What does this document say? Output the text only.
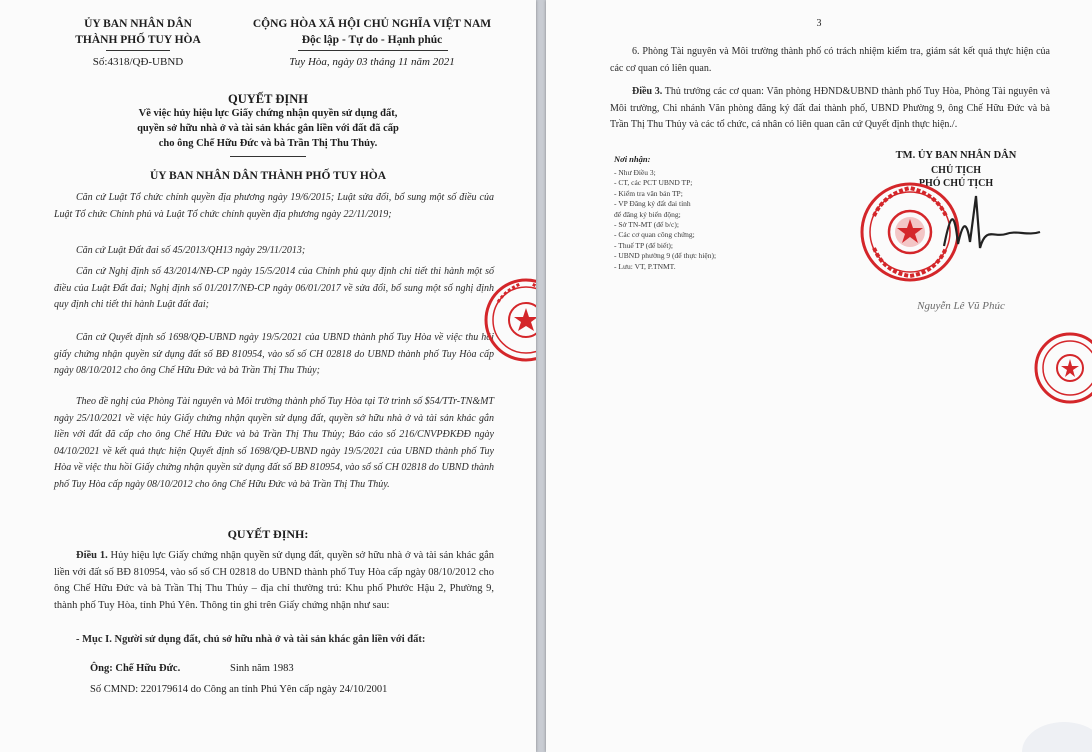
ỦY BAN NHÂN DÂN
THÀNH PHỐ TUY HÒA
Số:4318/QĐ-UBND
CỘNG HÒA XÃ HỘI CHỦ NGHĨA VIỆT NAM
Độc lập - Tự do - Hạnh phúc
Tuy Hòa, ngày 03 tháng 11 năm 2021
QUYẾT ĐỊNH
Về việc hủy hiệu lực Giấy chứng nhận quyền sử dụng đất,
quyền sở hữu nhà ở và tài sản khác gắn liền với đất đã cấp
cho ông Chế Hữu Đức và bà Trần Thị Thu Thủy.
ỦY BAN NHÂN DÂN THÀNH PHỐ TUY HÒA
Căn cứ Luật Tổ chức chính quyền địa phương ngày 19/6/2015; Luật sửa đổi, bổ sung một số điều của Luật Tổ chức Chính phủ và Luật Tổ chức chính quyền địa phương ngày 22/11/2019;
Căn cứ Luật Đất đai số 45/2013/QH13 ngày 29/11/2013;
Căn cứ Nghị định số 43/2014/NĐ-CP ngày 15/5/2014 của Chính phủ quy định chi tiết thi hành một số điều của Luật Đất đai; Nghị định số 01/2017/NĐ-CP ngày 06/01/2017 về sửa đổi, bổ sung một số nghị định quy định chi tiết thi hành Luật đất đai;
Căn cứ Quyết định số 1698/QĐ-UBND ngày 19/5/2021 của UBND thành phố Tuy Hòa về việc thu hồi giấy chứng nhận quyền sử dụng đất số BĐ 810954, vào sổ số CH 02818 do UBND thành phố Tuy Hòa cấp ngày 08/10/2012 cho ông Chế Hữu Đức và bà Trần Thị Thu Thủy;
Theo đề nghị của Phòng Tài nguyên và Môi trường thành phố Tuy Hòa tại Tờ trình số $54/TTr-TN&MT ngày 25/10/2021 về việc hủy Giấy chứng nhận quyền sử dụng đất, quyền sở hữu nhà ở và tài sản khác gắn liền với đất đã cấp cho ông Chế Hữu Đức và bà Trần Thị Thu Thủy; Báo cáo số 216/CNVPĐKĐĐ ngày 04/10/2021 về kết quả thực hiện Quyết định số 1698/QĐ-UBND ngày 19/5/2021 của UBND thành phố Tuy Hòa về việc thu hồi Giấy chứng nhận quyền sử dụng đất số BĐ 810954, vào sổ số CH 02818 do UBND thành phố Tuy Hòa cấp ngày 08/10/2012 cho ông Chế Hữu Đức và bà Trần Thị Thu Thủy.
QUYẾT ĐỊNH:
Điều 1. Hủy hiệu lực Giấy chứng nhận quyền sử dụng đất, quyền sở hữu nhà ở và tài sản khác gắn liền với đất số BĐ 810954, vào sổ số CH 02818 do UBND thành phố Tuy Hòa cấp ngày 08/10/2012 cho ông Chế Hữu Đức và bà Trần Thị Thu Thủy – địa chỉ thường trú: Khu phố Phước Hậu 2, Phường 9, thành phố Tuy Hòa, tỉnh Phú Yên. Thông tin ghi trên Giấy chứng nhận như sau:
- Mục I. Người sử dụng đất, chủ sở hữu nhà ở và tài sản khác gắn liền với đất:
Ông: Chế Hữu Đức.	Sinh năm 1983
Số CMND: 220179614 do Công an tỉnh Phú Yên cấp ngày 24/10/2001
3
6. Phòng Tài nguyên và Môi trường thành phố có trách nhiệm kiểm tra, giám sát kết quả thực hiện của các cơ quan có liên quan.
Điều 3. Thủ trưởng các cơ quan: Văn phòng HĐND&UBND thành phố Tuy Hòa, Phòng Tài nguyên và Môi trường, Chi nhánh Văn phòng đăng ký đất đai thành phố, UBND Phường 9, ông Chế Hữu Đức và bà Trần Thị Thu Thủy và các tổ chức, cá nhân có liên quan căn cứ Quyết định thực hiện./.
Nơi nhận:
- Như Điều 3;
- CT, các PCT UBND TP;
- Kiểm tra văn bản TP;
- VP Đăng ký đất đai tỉnh
để đăng ký biến động;
- Sở TN-MT (để b/c);
- Các cơ quan công chứng;
- Thuế TP (để biết);
- UBND phường 9 (để thực hiện);
- Lưu: VT, P.TNMT.
TM. ỦY BAN NHÂN DÂN
CHỦ TỊCH
PHÓ CHỦ TỊCH
Nguyễn Lê Vũ Phúc
